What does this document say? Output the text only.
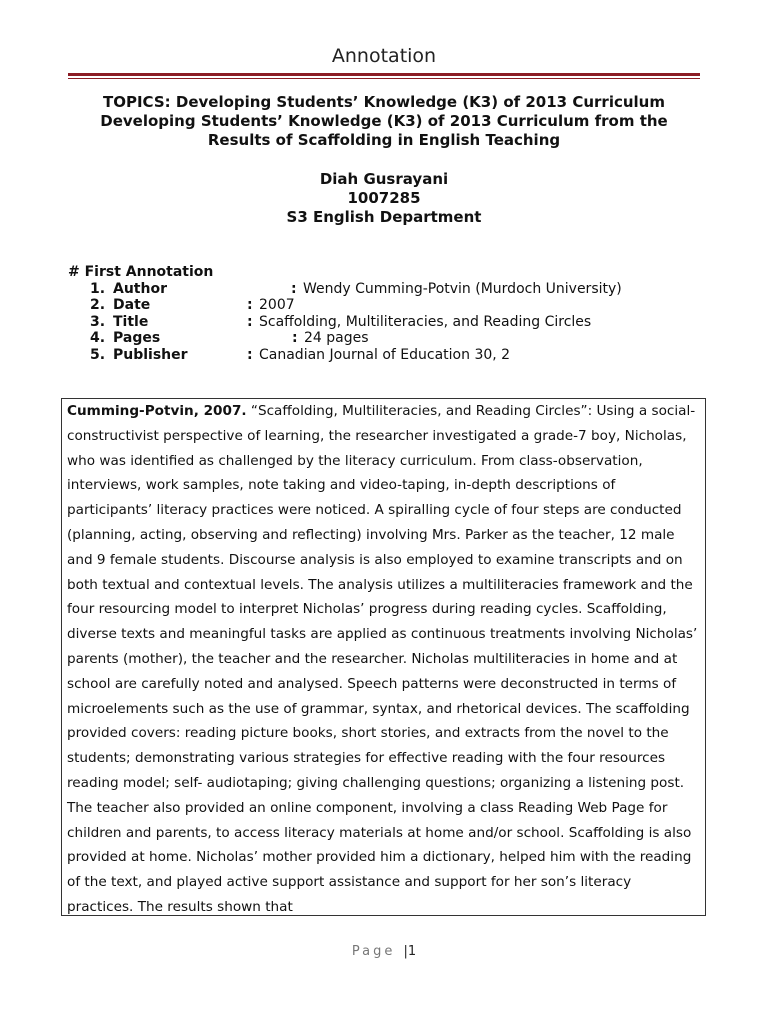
Annotation
TOPICS: Developing Students’ Knowledge (K3) of 2013 Curriculum
Developing Students’ Knowledge (K3) of 2013 Curriculum from the
Results of Scaffolding in English Teaching
Diah Gusrayani
1007285
S3 English Department
# First Annotation
1. Author	: Wendy Cumming-Potvin (Murdoch University)
2. Date	: 2007
3. Title	: Scaffolding, Multiliteracies, and Reading Circles
4. Pages	: 24 pages
5. Publisher	: Canadian Journal of Education 30, 2

Cumming-Potvin, 2007. “Scaffolding, Multiliteracies, and Reading Circles”: Using a social-constructivist perspective of learning, the researcher investigated a grade-7 boy, Nicholas, who was identified as challenged by the literacy curriculum. From class-observation, interviews, work samples, note taking and video-taping, in-depth descriptions of participants’ literacy practices were noticed. A spiralling cycle of four steps are conducted (planning, acting, observing and reflecting) involving Mrs. Parker as the teacher, 12 male and 9 female students. Discourse analysis is also employed to examine transcripts and on both textual and contextual levels. The analysis utilizes a multiliteracies framework and the four resourcing model to interpret Nicholas’ progress during reading cycles. Scaffolding, diverse texts and meaningful tasks are applied as continuous treatments involving Nicholas’ parents (mother), the teacher and the researcher. Nicholas multiliteracies in home and at school are carefully noted and analysed. Speech patterns were deconstructed in terms of microelements such as the use of grammar, syntax, and rhetorical devices. The scaffolding provided covers: reading picture books, short stories, and extracts from the novel to the students; demonstrating various strategies for effective reading with the four resources reading model; self- audiotaping; giving challenging questions; organizing a listening post. The teacher also provided an online component, involving a class Reading Web Page for children and parents, to access literacy materials at home and/or school. Scaffolding is also provided at home. Nicholas’ mother provided him a dictionary, helped him with the reading of the text, and played active support assistance and support for her son’s literacy practices. The results shown that

Page |1
